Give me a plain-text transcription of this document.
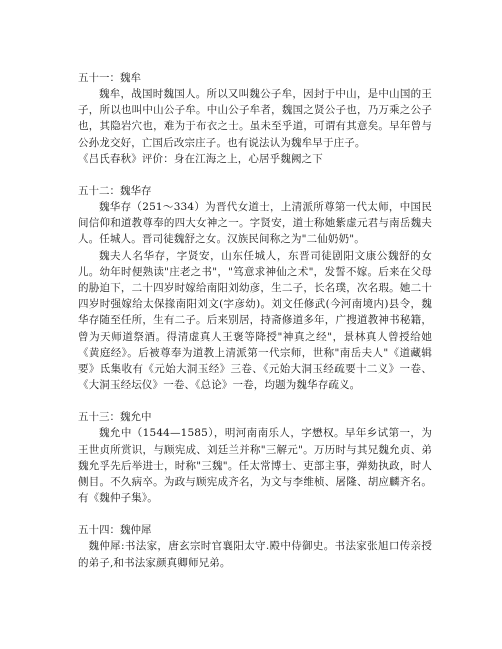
五十一：魏牟

魏牟，战国时魏国人。所以又叫魏公子牟，因封于中山，是中山国的王子，所以也叫中山公子牟。中山公子牟者，魏国之贤公子也，乃万乘之公子也，其隐岩穴也，难为于布衣之士。虽未至乎道，可谓有其意矣。早年曾与公孙龙交好，亡国后改宗庄子。也有说法认为魏牟早于庄子。

《吕氏春秋》评价：身在江海之上，心居乎魏阙之下

五十二：魏华存

魏华存（251～334）为晋代女道士，上清派所尊第一代太师，中国民间信仰和道教尊奉的四大女神之一。字贤安，道士称她紫虚元君与南岳魏夫人。任城人。晋司徒魏舒之女。汉族民间称之为"二仙奶奶"。

魏夫人名华存，字贤安，山东任城人，东晋司徒剧阳文康公魏舒的女儿。幼年时便熟读"庄老之书"，"笃意求神仙之术"，发誓不嫁。后来在父母的胁迫下，二十四岁时嫁给南阳刘幼彦，生二子，长名璞，次名瑕。她二十四岁时强嫁给太保掾南阳刘文(字彦幼)。刘文任修武(今河南境内)县令，魏华存随至任所，生有二子。后来别居，持斋修道多年，广搜道教神书秘籍，曾为天师道祭酒。得清虚真人王褒等降授"神真之经"，景林真人曾授给她《黄庭经》。后被尊奉为道教上清派第一代宗师，世称"南岳夫人"《道藏辑要》氐集收有《元始大洞玉经》三卷、《元始大洞玉经疏要十二义》一卷、《大洞玉经坛仪》一卷、《总论》一卷，均题为魏华存疏义。

五十三：魏允中

魏允中（1544—1585），明河南南乐人，字懋权。早年乡试第一，为王世贞所赏识，与顾宪成、刘廷兰并称"三解元"。万历时与其兄魏允贞、弟魏允孚先后举进士，时称"三魏"。任太常博士、吏部主事，弹劾执政，时人侧目。不久病卒。为政与顾宪成齐名，为文与李维桢、屠隆、胡应麟齐名。有《魏仲子集》。

五十四：魏仲犀

魏仲犀:书法家，唐玄宗时官襄阳太守.殿中侍御史。书法家张旭口传亲授的弟子,和书法家颜真卿师兄弟。
